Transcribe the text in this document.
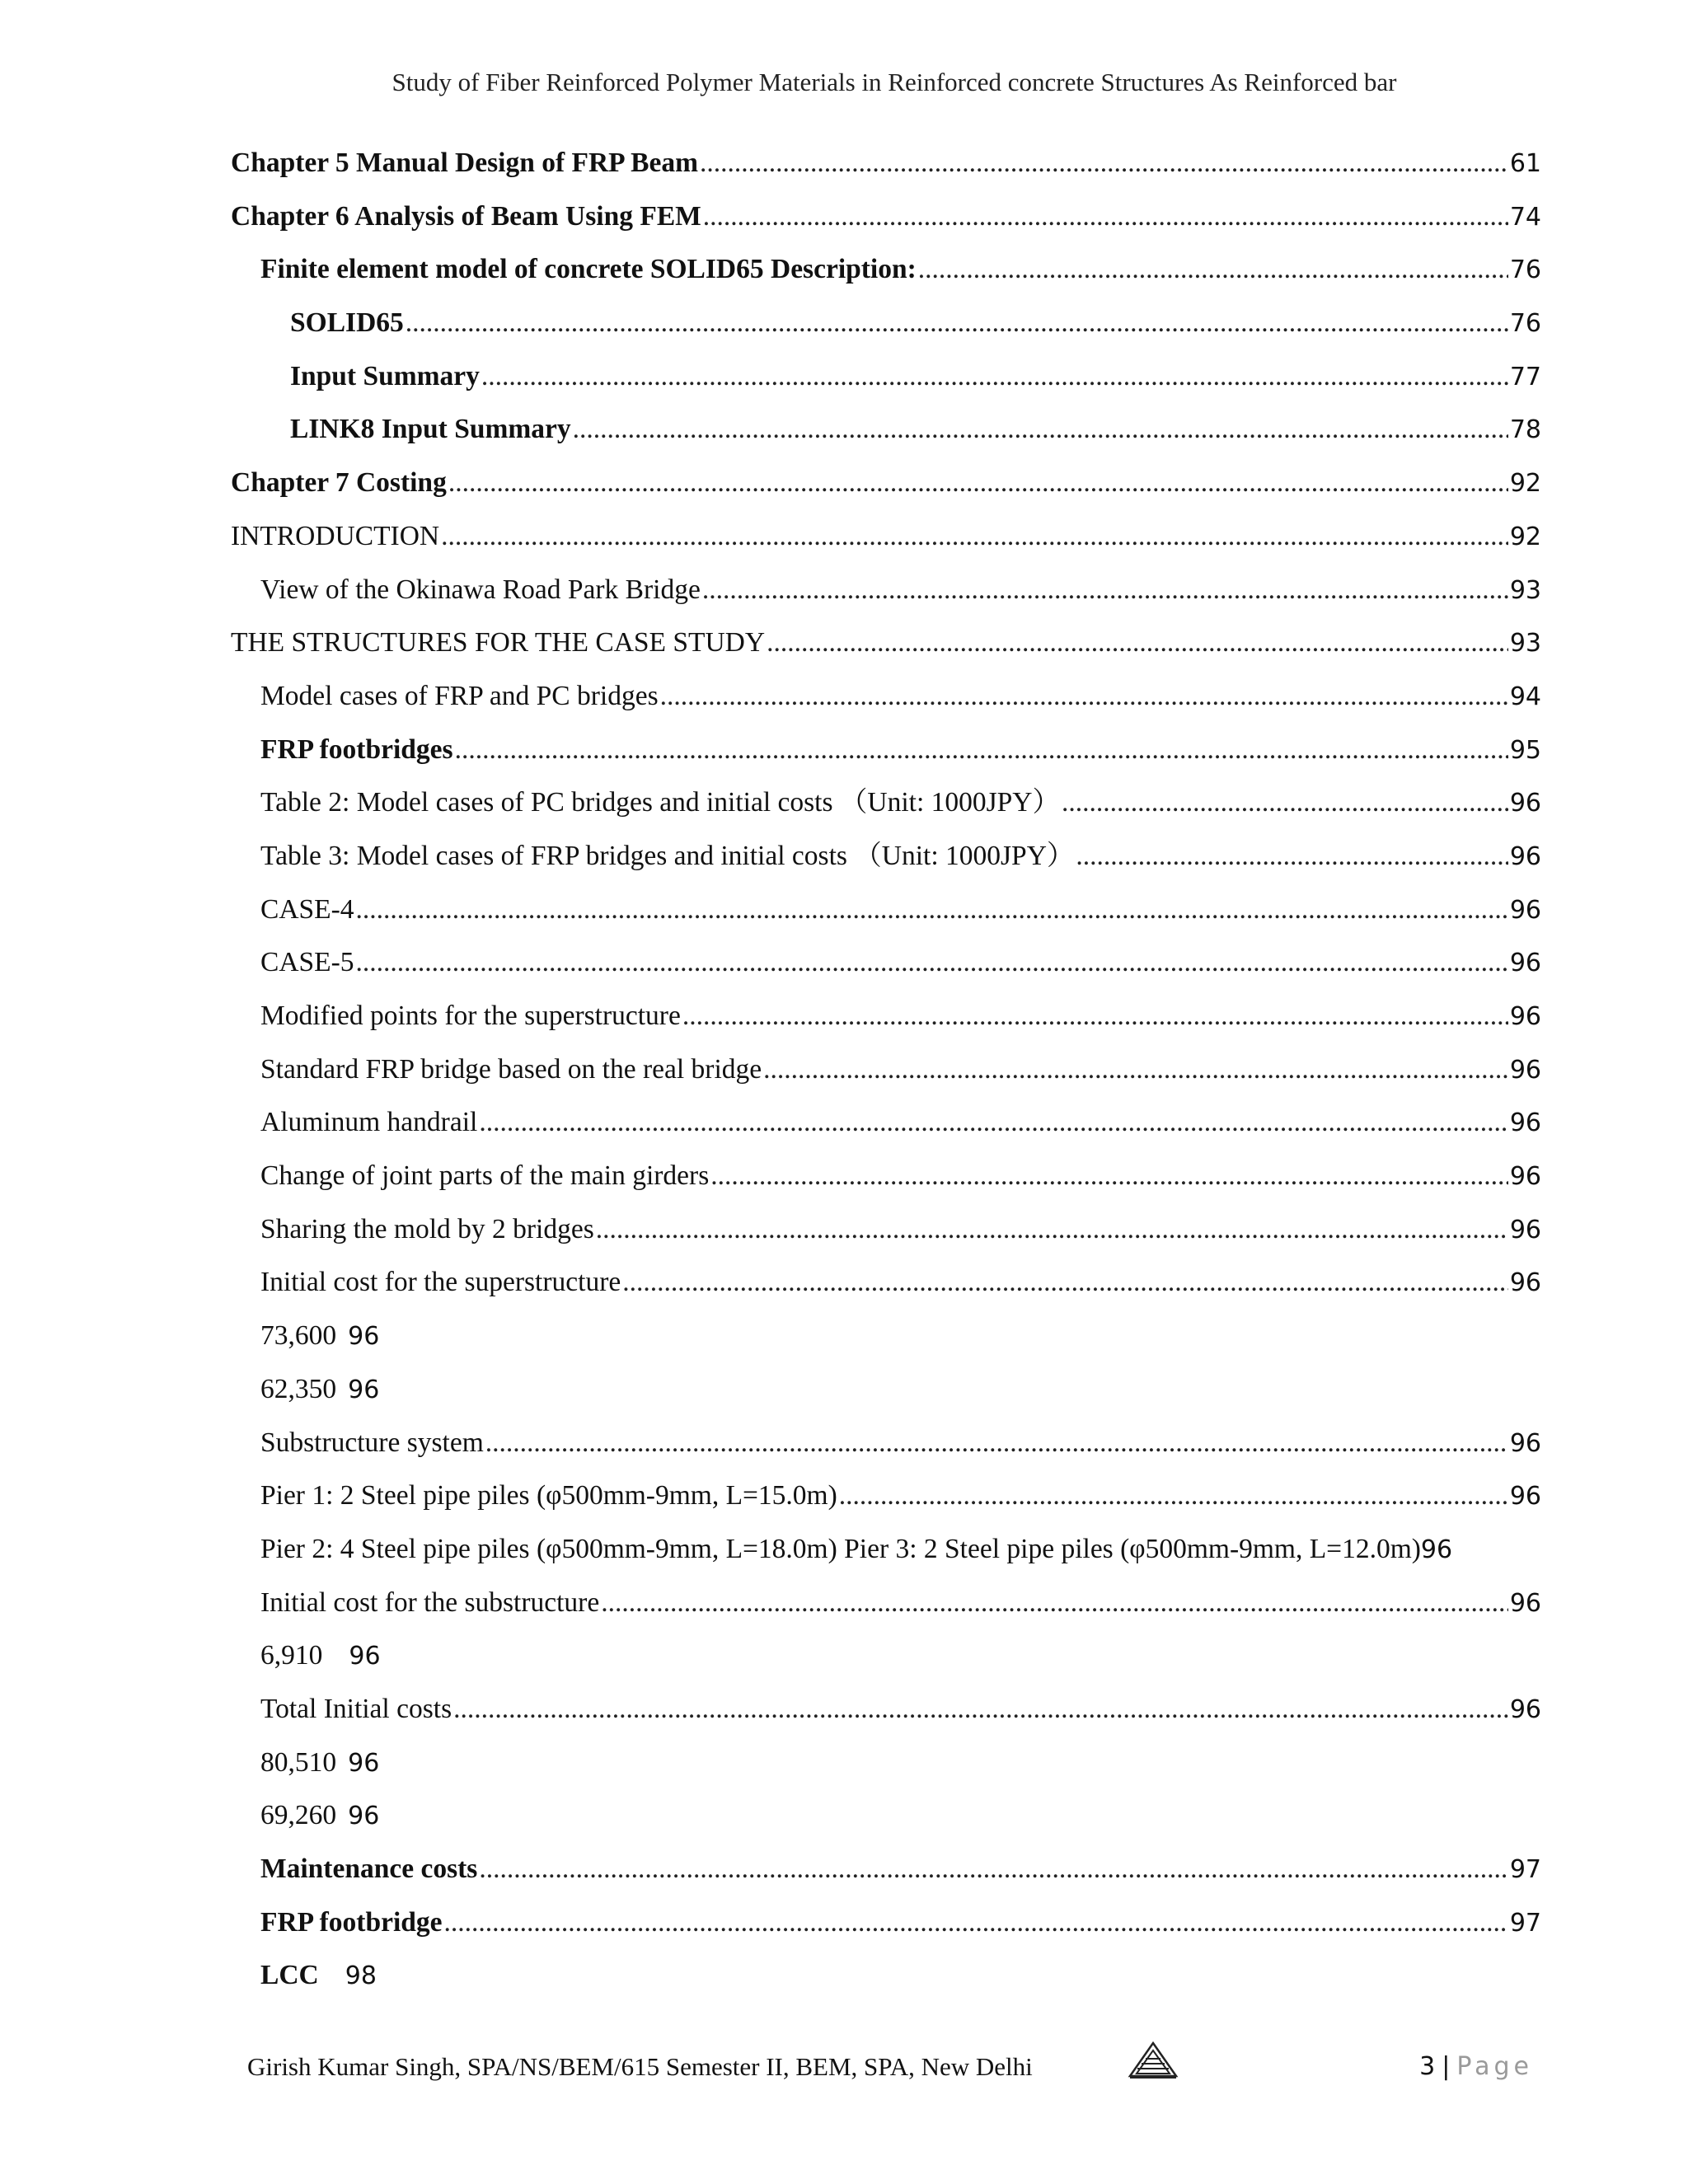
Study of Fiber Reinforced Polymer Materials in Reinforced concrete Structures As Reinforced bar
Chapter 5 Manual Design of FRP Beam .....	61
Chapter 6 Analysis of Beam Using FEM .....	74
Finite element model of concrete SOLID65 Description: .....	76
SOLID65 .....	76
Input Summary .....	77
LINK8 Input Summary .....	78
Chapter 7 Costing .....	92
INTRODUCTION .....	92
View of the Okinawa Road Park Bridge .....	93
THE STRUCTURES FOR THE CASE STUDY .....	93
Model cases of FRP and PC bridges .....	94
FRP footbridges .....	95
Table 2: Model cases of PC bridges and initial costs （Unit: 1000JPY） .....	96
Table 3: Model cases of FRP bridges and initial costs （Unit: 1000JPY） .....	96
CASE-4 .....	96
CASE-5 .....	96
Modified points for the superstructure .....	96
Standard FRP bridge based on the real bridge .....	96
Aluminum handrail .....	96
Change of joint parts of the main girders .....	96
Sharing the mold by 2 bridges .....	96
Initial cost for the superstructure .....	96
73,600 96
62,350 96
Substructure system .....	96
Pier 1: 2 Steel pipe piles (φ500mm-9mm, L=15.0m) .....	96
Pier 2: 4 Steel pipe piles (φ500mm-9mm, L=18.0m) Pier 3: 2 Steel pipe piles (φ500mm-9mm, L=12.0m) 96
Initial cost for the substructure .....	96
6,910 96
Total Initial costs .....	96
80,510 96
69,260 96
Maintenance costs .....	97
FRP footbridge .....	97
LCC 98
Girish Kumar Singh, SPA/NS/BEM/615 Semester II, BEM, SPA, New Delhi	3 | Page
